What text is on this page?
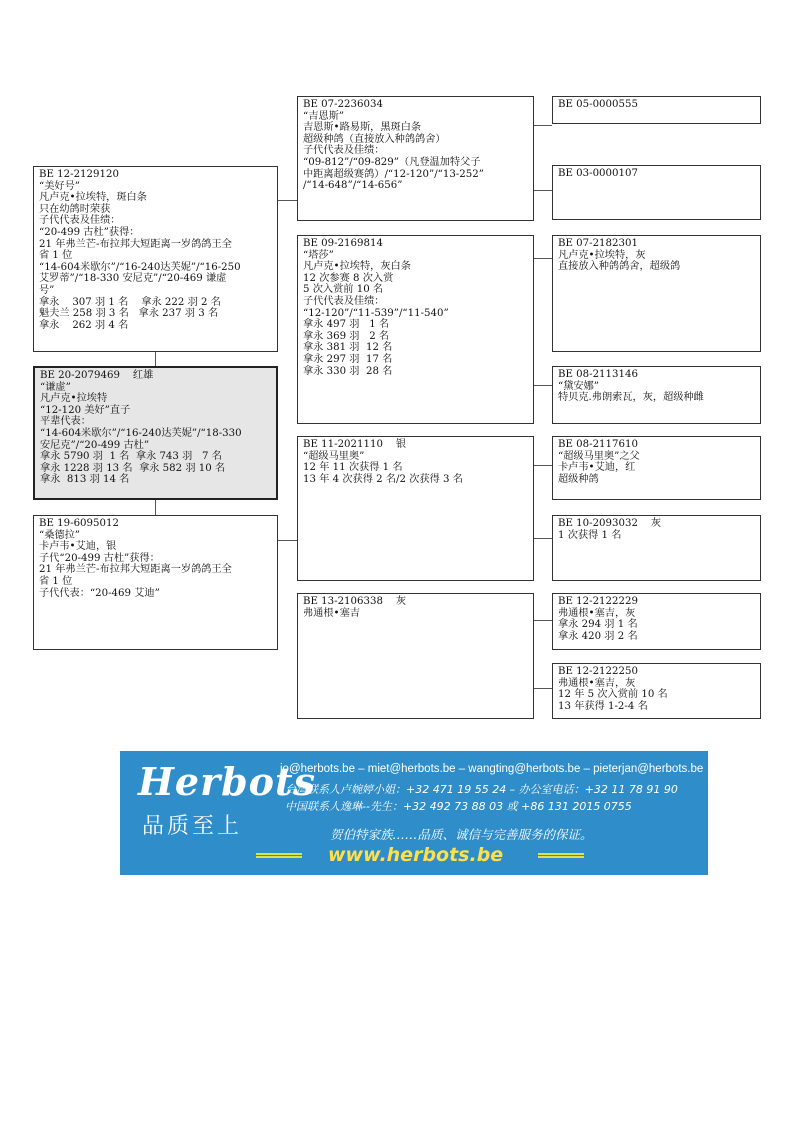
BE 12-2129120
“美好号”
凡卢克•拉埃特，斑白条
只在幼鸽时荣获
子代代表及佳绩：
“20-499 古杜”获得：
21 年弗兰芒-布拉邦大短距离一岁鸽鸽王全
省 1 位
“14-604米歇尔”/“16-240达芙妮”/“16-250
艾罗蒂”/“18-330 安尼克”/“20-469 谦虚
号”
拿永    307 羽 1 名    拿永 222 羽 2 名
魁夫兰 258 羽 3 名   拿永 237 羽 3 名
拿永    262 羽 4 名
BE 20-2079469    红雄
“谦虚”
凡卢克•拉埃特
“12-120 美好”直子
平辈代表：
“14-604米歇尔”/“16-240达芙妮”/“18-330
安尼克”/“20-499 古杜”
拿永 5790 羽  1 名  拿永 743 羽   7 名
拿永 1228 羽 13 名  拿永 582 羽 10 名
拿永  813 羽 14 名
BE 19-6095012
“桑德拉”
卡卢韦•艾迪，银
子代“20-499 古杜”获得：
21 年弗兰芒-布拉邦大短距离一岁鸽鸽王全
省 1 位
子代代表：“20-469 艾迪”
BE 07-2236034
“吉恩斯”
吉恩斯•路易斯，黑斑白条
超级种鸽（直接放入种鸽鸽舍）
子代代表及佳绩：
“09-812”/“09-829”（凡登温加特父子
中距离超级赛鸽）/“12-120”/“13-252”
/“14-648”/“14-656”
BE 09-2169814
“塔莎”
凡卢克•拉埃特，灰白条
12 次参赛 8 次入赏
5 次入赏前 10 名
子代代表及佳绩：
“12-120”/“11-539”/“11-540”
拿永 497 羽   1 名
拿永 369 羽   2 名
拿永 381 羽  12 名
拿永 297 羽  17 名
拿永 330 羽  28 名
BE 11-2021110    银
“超级马里奥”
12 年 11 次获得 1 名
13 年 4 次获得 2 名/2 次获得 3 名
BE 13-2106338    灰
弗通根•塞吉
BE 05-0000555
BE 03-0000107
BE 07-2182301
凡卢克•拉埃特，灰
直接放入种鸽鸽舍，超级鸽
BE 08-2113146
“黛安娜”
特贝克.弗朗索瓦，灰，超级种雌
BE 08-2117610
“超级马里奥”之父
卡卢韦•艾迪，红
超级种鸽
BE 10-2093032    灰
1 次获得 1 名
BE 12-2122229
弗通根•塞吉，灰
拿永 294 羽 1 名
拿永 420 羽 2 名
BE 12-2122250
弗通根•塞吉，灰
12 年 5 次入赏前 10 名
13 年获得 1-2-4 名
Herbots
品质至上
jo@herbots.be – miet@herbots.be – wangting@herbots.be – pieterjan@herbots.be
台湾联系人卢婉婷小姐：+32 471 19 55 24 – 办公室电话：+32 11 78 91 90
中国联系人逸琳--先生：+32 492 73 88 03 或 +86 131 2015 0755
贺伯特家族……品质、诚信与完善服务的保证。
www.herbots.be
